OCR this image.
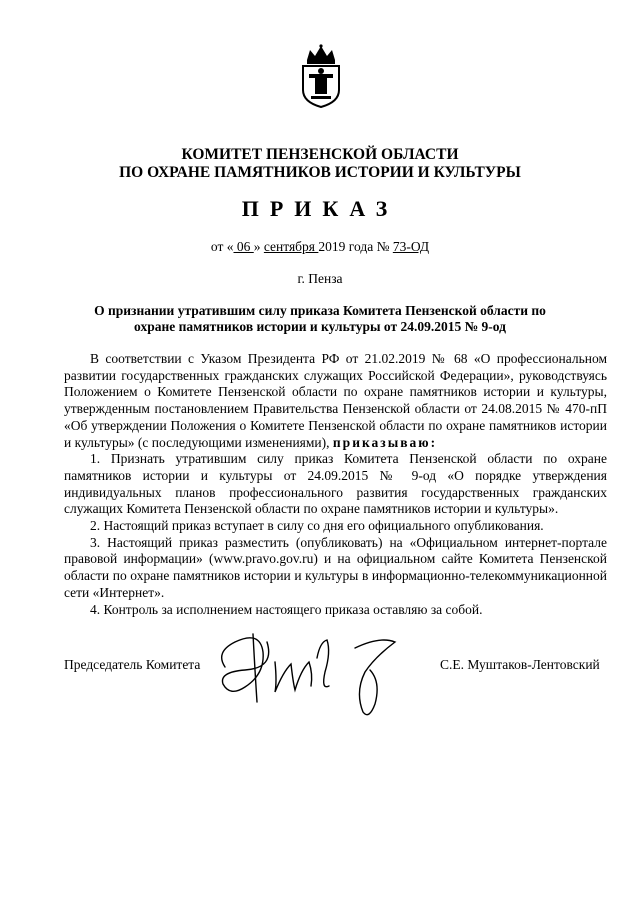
КОМИТЕТ ПЕНЗЕНСКОЙ ОБЛАСТИ
ПО ОХРАНЕ ПАМЯТНИКОВ ИСТОРИИ И КУЛЬТУРЫ
ПРИКАЗ
от « 06 » сентября 2019 года № 73-ОД
г. Пенза
О признании утратившим силу приказа Комитета Пензенской области по охране памятников истории и культуры от 24.09.2015 № 9-од

В соответствии с Указом Президента РФ от 21.02.2019 № 68 «О профессиональном развитии государственных гражданских служащих Российской Федерации», руководствуясь Положением о Комитете Пензенской области по охране памятников истории и культуры, утвержденным постановлением Правительства Пензенской области от 24.08.2015 № 470-пП «Об утверждении Положения о Комитете Пензенской области по охране памятников истории и культуры» (с последующими изменениями), приказываю:

1. Признать утратившим силу приказ Комитета Пензенской области по охране памятников истории и культуры от 24.09.2015 № 9-од «О порядке утверждения индивидуальных планов профессионального развития государственных гражданских служащих Комитета Пензенской области по охране памятников истории и культуры».

2. Настоящий приказ вступает в силу со дня его официального опубликования.

3. Настоящий приказ разместить (опубликовать) на «Официальном интернет-портале правовой информации» (www.pravo.gov.ru) и на официальном сайте Комитета Пензенской области по охране памятников истории и культуры в информационно-телекоммуникационной сети «Интернет».

4. Контроль за исполнением настоящего приказа оставляю за собой.

Председатель Комитета	С.Е. Муштаков-Лентовский
